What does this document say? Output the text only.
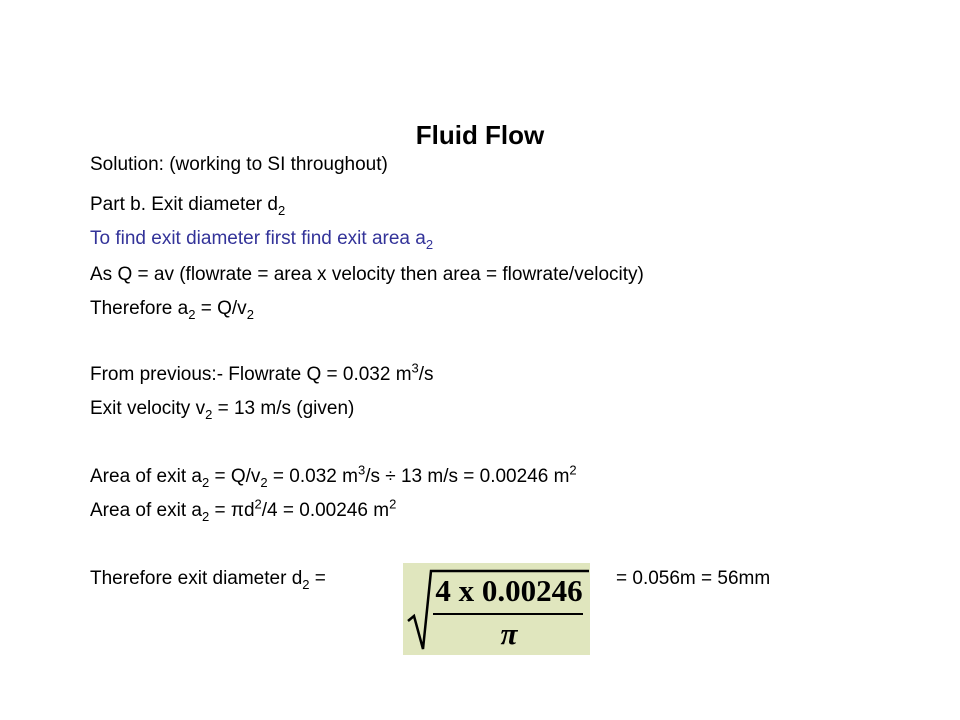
Fluid Flow
Solution: (working to SI throughout)
Part b. Exit diameter $d_2$
To find exit diameter first find exit area $a_2$
As Q = av (flowrate = area x velocity then area = flowrate/velocity)
Therefore $a_2 = Q/v_2$
From previous:- Flowrate Q = 0.032 $m^3/s$
Exit velocity $v_2 = 13$ m/s (given)
Area of exit $a_2 = Q/v_2 = 0.032$ $m^3/s \div 13$ m/s = 0.00246 $m^2$
Area of exit $a_2 = \pi d^2/4 = 0.00246$ $m^2$
Therefore exit diameter $d_2$ =	= 0.056m = 56mm
4 x 0.00246
π
